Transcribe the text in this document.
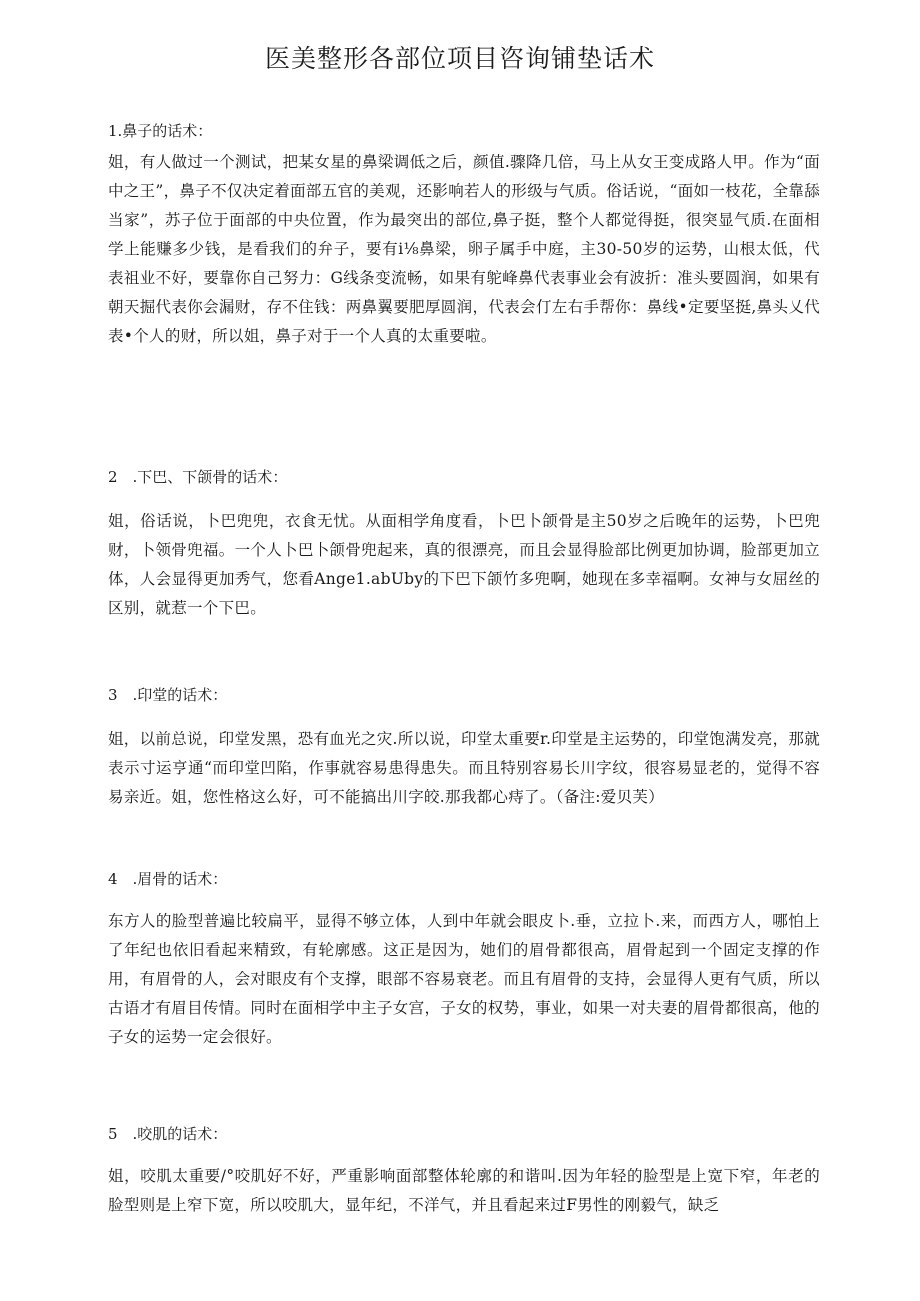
医美整形各部位项目咨询铺垫话术

1.鼻子的话术：

姐，有人做过一个测试，把某女星的鼻梁调低之后，颜值.骤降几倍，马上从女王变成路人甲。作为“面中之王”，鼻子不仅决定着面部五官的美观，还影响若人的形级与气质。俗话说，“面如一枝花，全靠舔当家”，苏子位于面部的中央位置，作为最突出的部位,鼻子挺，整个人都觉得挺，很突显气质.在面相学上能赚多少钱，是看我们的弁子，要有i⅛鼻梁，卵子属手中庭，主30-50岁的运势，山根太低，代表祖业不好，要靠你自己努力：G线条变流畅，如果有鸵峰鼻代表事业会有波折：准头要圆润，如果有朝天掘代表你会漏财，存不住钱：两鼻翼要肥厚圆润，代表会仃左右手帮你：鼻线•定要坚挺,鼻头乂代表•个人的财，所以姐，鼻子对于一个人真的太重要啦。

2　.下巴、下颌骨的话术：

姐，俗话说，卜巴兜兜，衣食无忧。从面相学角度看，卜巴卜颌骨是主50岁之后晚年的运势，卜巴兜财，卜领骨兜福。一个人卜巴卜颌骨兜起来，真的很漂亮，而且会显得脸部比例更加协调，脸部更加立体，人会显得更加秀气，您看Ange1.abUby的下巴下颌竹多兜啊，她现在多幸福啊。女神与女屈丝的区别，就惹一个下巴。

3　.印堂的话术：

姐，以前总说，印堂发黑，恐有血光之灾.所以说，印堂太重要r.印堂是主运势的，印堂饱满发亮，那就表示寸运亨通“而印堂凹陷，作事就容易患得患失。而且特别容易长川字纹，很容易显老的，觉得不容易亲近。姐，您性格这么好，可不能搞出川字皎.那我都心痔了。（备注:爱贝芙）

4　.眉骨的话术：

东方人的脸型普遍比较扁平，显得不够立体，人到中年就会眼皮卜.垂，立拉卜.来，而西方人，哪怕上了年纪也依旧看起来精致，有轮廓感。这正是因为，她们的眉骨都很高，眉骨起到一个固定支撑的作用，有眉骨的人，会对眼皮有个支撑，眼部不容易衰老。而且有眉骨的支持，会显得人更有气质，所以古语才有眉目传情。同时在面相学中主子女宫，子女的权势，事业，如果一对夫妻的眉骨都很高，他的子女的运势一定会很好。

5　.咬肌的话术：

姐，咬肌太重要/°咬肌好不好，严重影响面部整体轮廓的和谐叫.因为年轻的脸型是上宽下窄，年老的脸型则是上窄下宽，所以咬肌大，显年纪，不洋气，并且看起来过F男性的刚毅气，缺乏
